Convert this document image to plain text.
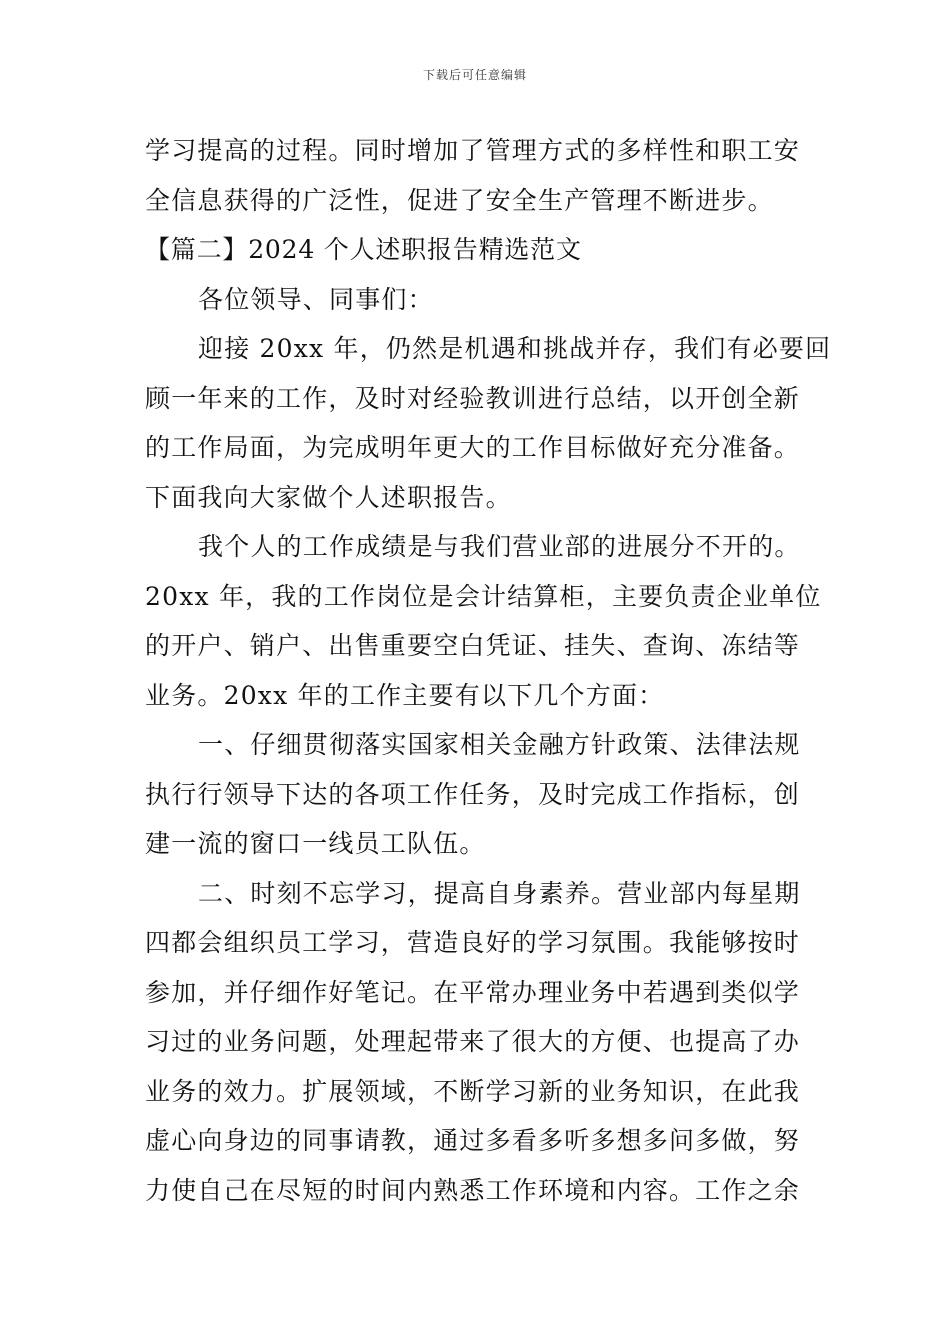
下载后可任意编辑
学习提高的过程。同时增加了管理方式的多样性和职工安
全信息获得的广泛性，促进了安全生产管理不断进步。
【篇二】2024 个人述职报告精选范文
各位领导、同事们：
迎接 20xx 年，仍然是机遇和挑战并存，我们有必要回
顾一年来的工作，及时对经验教训进行总结，以开创全新
的工作局面，为完成明年更大的工作目标做好充分准备。
下面我向大家做个人述职报告。
我个人的工作成绩是与我们营业部的进展分不开的。
20xx 年，我的工作岗位是会计结算柜，主要负责企业单位
的开户、销户、出售重要空白凭证、挂失、查询、冻结等
业务。20xx 年的工作主要有以下几个方面：
一、仔细贯彻落实国家相关金融方针政策、法律法规
执行行领导下达的各项工作任务，及时完成工作指标，创
建一流的窗口一线员工队伍。
二、时刻不忘学习，提高自身素养。营业部内每星期
四都会组织员工学习，营造良好的学习氛围。我能够按时
参加，并仔细作好笔记。在平常办理业务中若遇到类似学
习过的业务问题，处理起带来了很大的方便、也提高了办
业务的效力。扩展领域，不断学习新的业务知识，在此我
虚心向身边的同事请教，通过多看多听多想多问多做，努
力使自己在尽短的时间内熟悉工作环境和内容。工作之余
